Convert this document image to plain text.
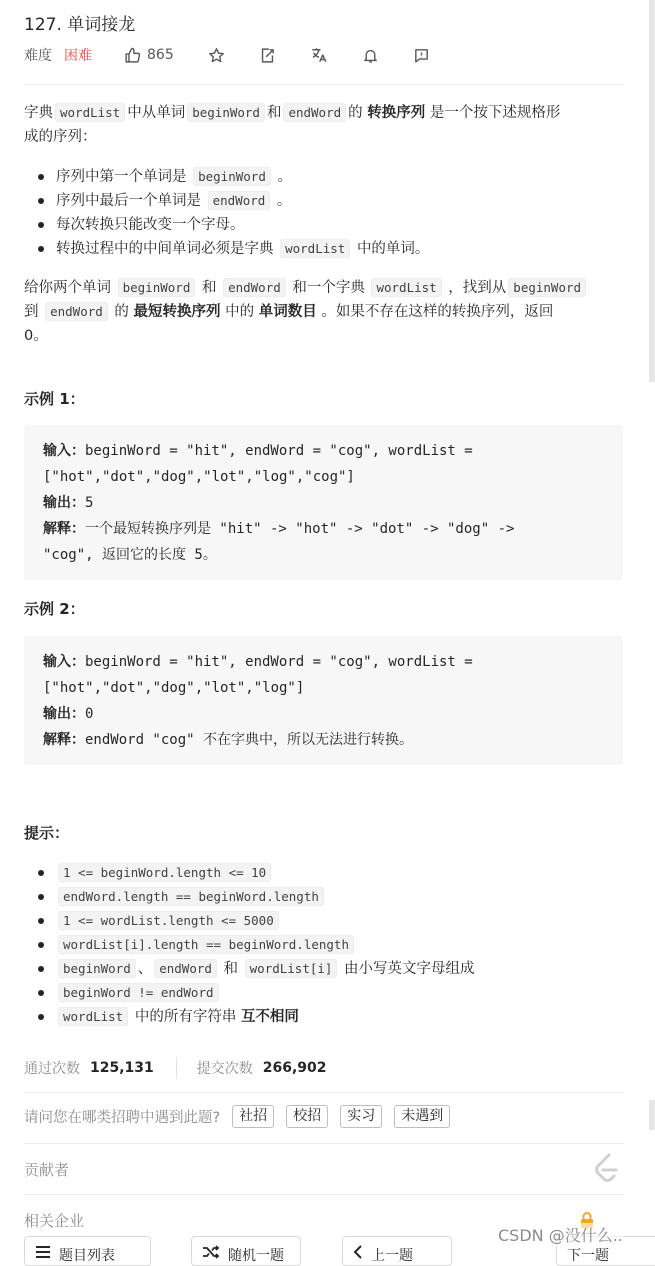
127. 单词接龙
难度 困难	865
字典 wordList 中从单词 beginWord 和 endWord 的 转换序列 是一个按下述规格形
成的序列：
序列中第一个单词是 beginWord 。
序列中最后一个单词是 endWord 。
每次转换只能改变一个字母。
转换过程中的中间单词必须是字典 wordList 中的单词。
给你两个单词 beginWord 和 endWord 和一个字典 wordList ，找到从 beginWord
到 endWord 的 最短转换序列 中的 单词数目 。如果不存在这样的转换序列，返回
0。
示例 1：
输入：beginWord = "hit", endWord = "cog", wordList =
["hot","dot","dog","lot","log","cog"]
输出：5
解释：一个最短转换序列是 "hit" -> "hot" -> "dot" -> "dog" ->
"cog", 返回它的长度 5。
示例 2：
输入：beginWord = "hit", endWord = "cog", wordList =
["hot","dot","dog","lot","log"]
输出：0
解释：endWord "cog" 不在字典中，所以无法进行转换。
提示：
1 <= beginWord.length <= 10
endWord.length == beginWord.length
1 <= wordList.length <= 5000
wordList[i].length == beginWord.length
beginWord 、 endWord 和 wordList[i] 由小写英文字母组成
beginWord != endWord
wordList 中的所有字符串 互不相同
通过次数 125,131	提交次数 266,902
请问您在哪类招聘中遇到此题?	社招	校招	实习	未遇到
贡献者
相关企业
题目列表	随机一题	上一题	下一题
CSDN @没什么..
